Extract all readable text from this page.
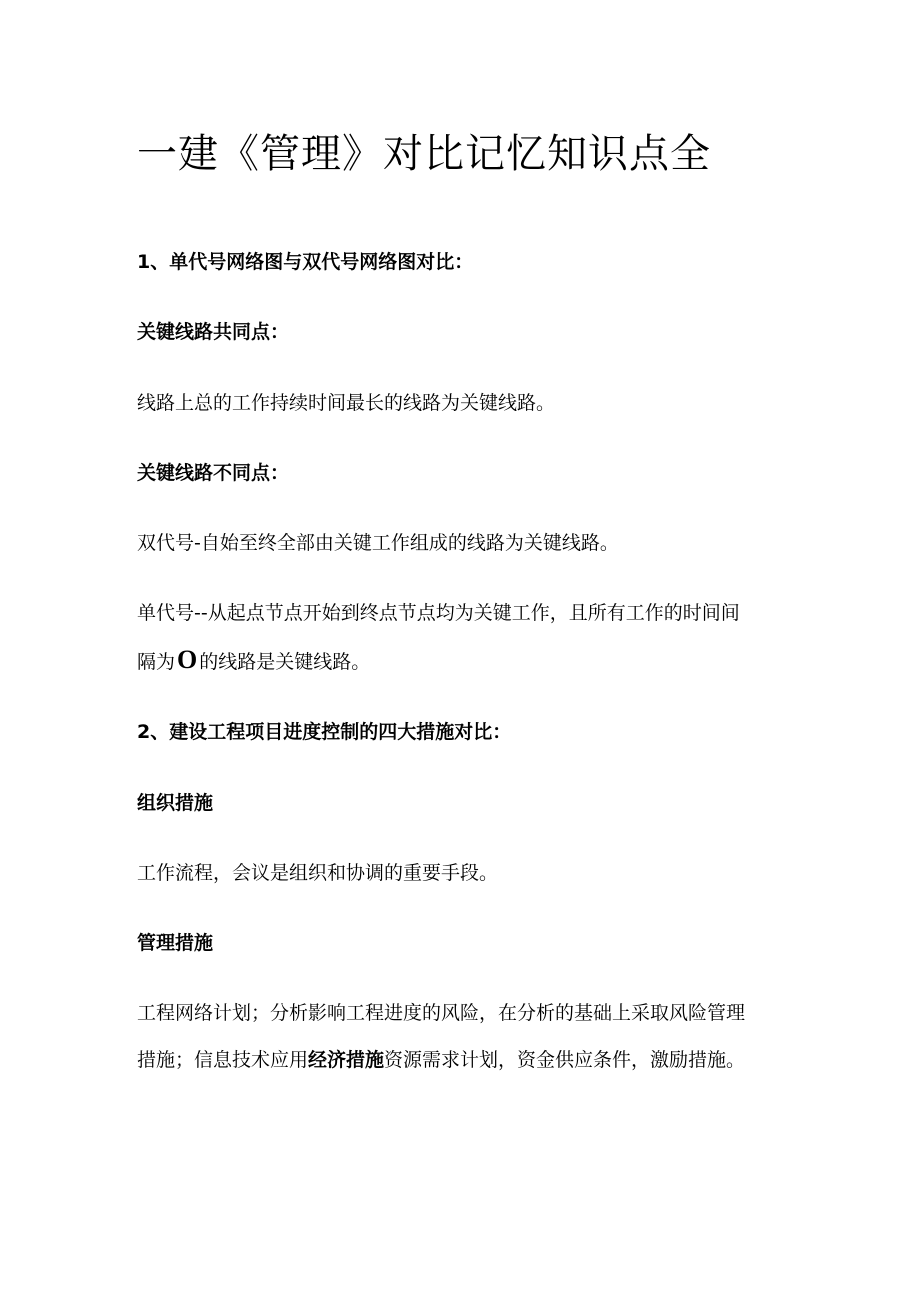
一建《管理》对比记忆知识点全

1、单代号网络图与双代号网络图对比：

关键线路共同点：

线路上总的工作持续时间最长的线路为关键线路。

关键线路不同点：

双代号-自始至终全部由关键工作组成的线路为关键线路。

单代号--从起点节点开始到终点节点均为关键工作，且所有工作的时间间

隔为O 的线路是关键线路。

2、建设工程项目进度控制的四大措施对比：

组织措施

工作流程，会议是组织和协调的重要手段。

管理措施

工程网络计划；分析影响工程进度的风险，在分析的基础上采取风险管理

措施；信息技术应用经济措施资源需求计划，资金供应条件，激励措施。
